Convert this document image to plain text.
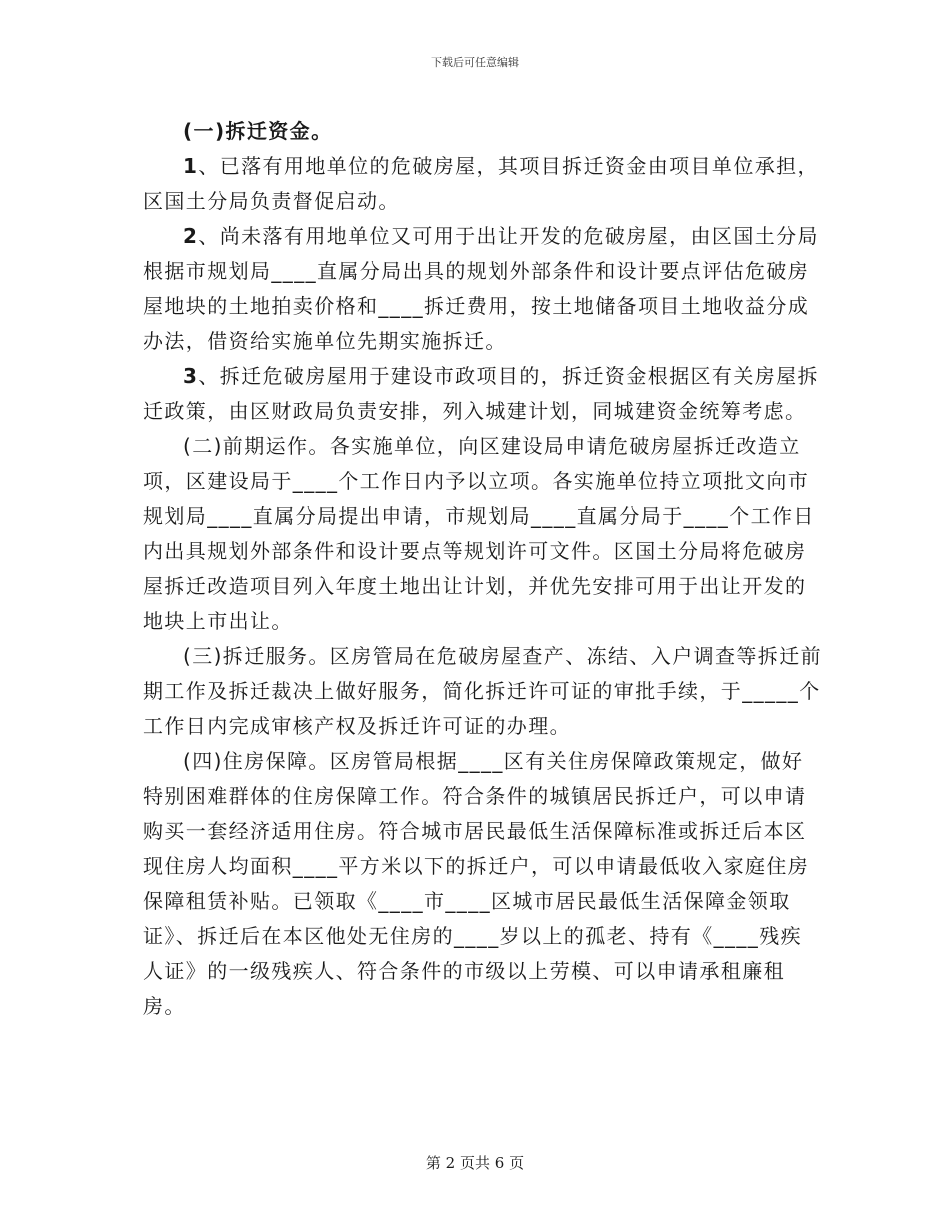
下载后可任意编辑

(一)拆迁资金。

1、已落有用地单位的危破房屋，其项目拆迁资金由项目单位承担，区国土分局负责督促启动。

2、尚未落有用地单位又可用于出让开发的危破房屋，由区国土分局根据市规划局____直属分局出具的规划外部条件和设计要点评估危破房屋地块的土地拍卖价格和____拆迁费用，按土地储备项目土地收益分成办法，借资给实施单位先期实施拆迁。

3、拆迁危破房屋用于建设市政项目的，拆迁资金根据区有关房屋拆迁政策，由区财政局负责安排，列入城建计划，同城建资金统筹考虑。

(二)前期运作。各实施单位，向区建设局申请危破房屋拆迁改造立项，区建设局于____个工作日内予以立项。各实施单位持立项批文向市规划局____直属分局提出申请，市规划局____直属分局于____个工作日内出具规划外部条件和设计要点等规划许可文件。区国土分局将危破房屋拆迁改造项目列入年度土地出让计划，并优先安排可用于出让开发的地块上市出让。

(三)拆迁服务。区房管局在危破房屋查产、冻结、入户调查等拆迁前期工作及拆迁裁决上做好服务，简化拆迁许可证的审批手续，于_____个工作日内完成审核产权及拆迁许可证的办理。

(四)住房保障。区房管局根据____区有关住房保障政策规定，做好特别困难群体的住房保障工作。符合条件的城镇居民拆迁户，可以申请购买一套经济适用住房。符合城市居民最低生活保障标准或拆迁后本区现住房人均面积____平方米以下的拆迁户，可以申请最低收入家庭住房保障租赁补贴。已领取《____市____区城市居民最低生活保障金领取证》、拆迁后在本区他处无住房的____岁以上的孤老、持有《____残疾人证》的一级残疾人、符合条件的市级以上劳模、可以申请承租廉租房。

第 2 页共 6 页
